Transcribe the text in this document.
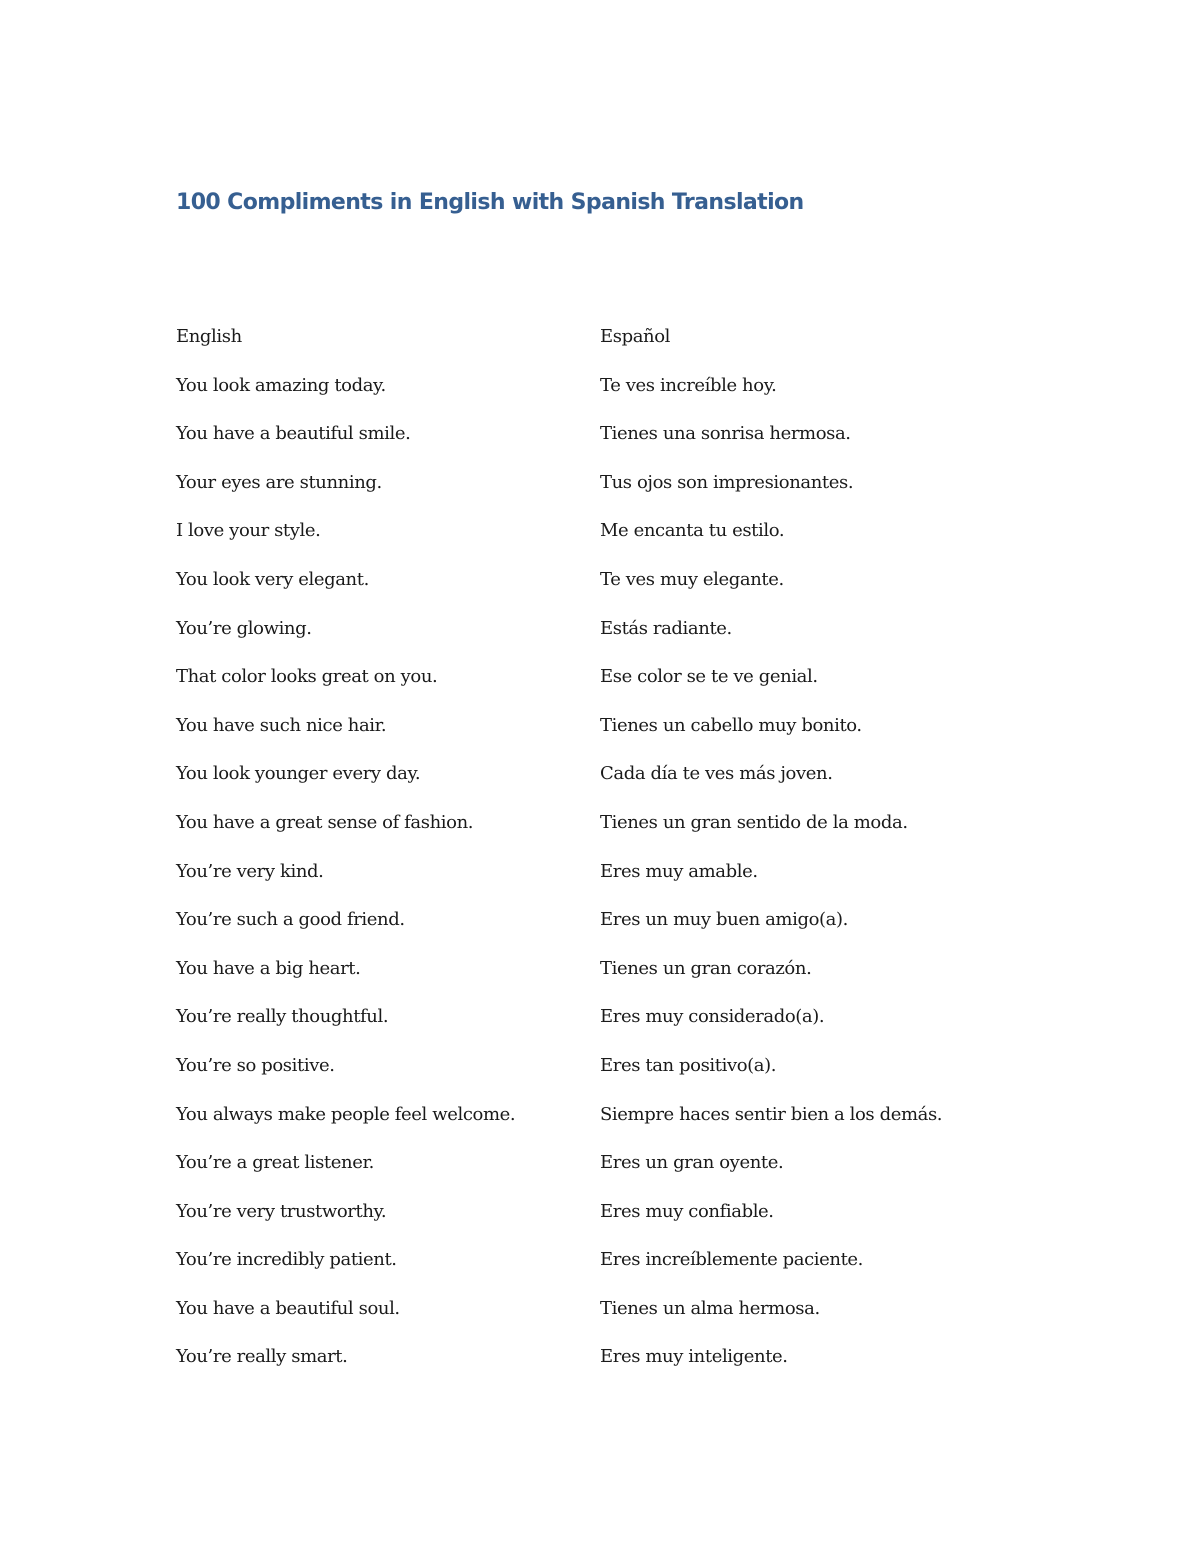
100 Compliments in English with Spanish Translation
English	Español
You look amazing today.	Te ves increíble hoy.
You have a beautiful smile.	Tienes una sonrisa hermosa.
Your eyes are stunning.	Tus ojos son impresionantes.
I love your style.	Me encanta tu estilo.
You look very elegant.	Te ves muy elegante.
You’re glowing.	Estás radiante.
That color looks great on you.	Ese color se te ve genial.
You have such nice hair.	Tienes un cabello muy bonito.
You look younger every day.	Cada día te ves más joven.
You have a great sense of fashion.	Tienes un gran sentido de la moda.
You’re very kind.	Eres muy amable.
You’re such a good friend.	Eres un muy buen amigo(a).
You have a big heart.	Tienes un gran corazón.
You’re really thoughtful.	Eres muy considerado(a).
You’re so positive.	Eres tan positivo(a).
You always make people feel welcome.	Siempre haces sentir bien a los demás.
You’re a great listener.	Eres un gran oyente.
You’re very trustworthy.	Eres muy confiable.
You’re incredibly patient.	Eres increíblemente paciente.
You have a beautiful soul.	Tienes un alma hermosa.
You’re really smart.	Eres muy inteligente.
